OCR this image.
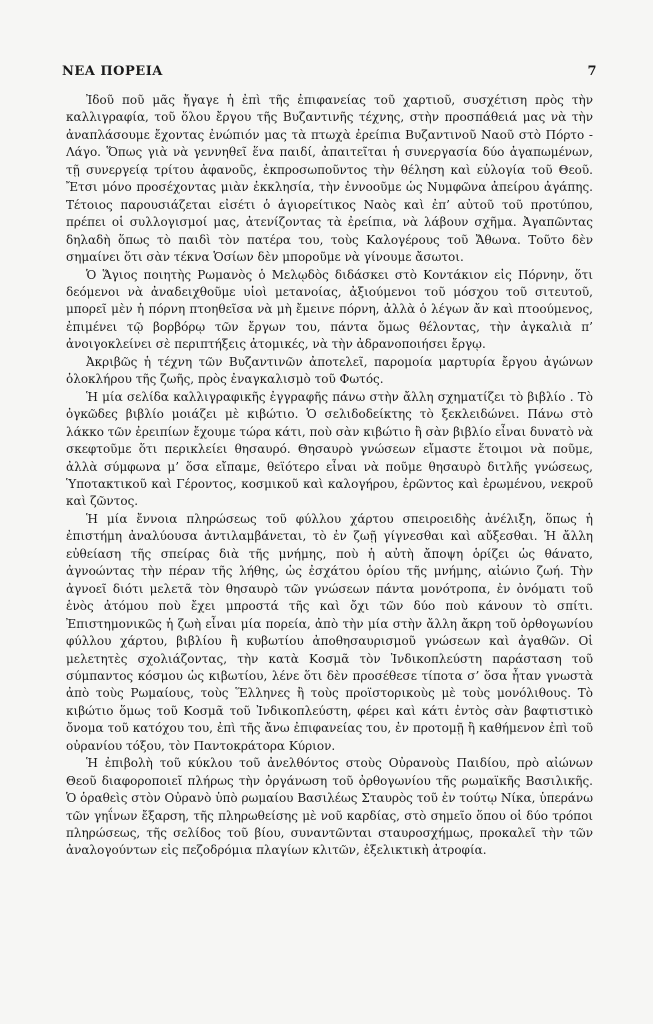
ΝΕΑ ΠΟΡΕΙΑ	7

Ἰδοῦ ποῦ μᾶς ἤγαγε ἡ ἐπὶ τῆς ἐπιφανείας τοῦ χαρτιοῦ, συσχέτιση πρὸς τὴν καλλιγραφία, τοῦ ὅλου ἔργου τῆς Βυζαντινῆς τέχνης, στὴν προσπάθειά μας νὰ τὴν ἀναπλάσουμε ἔχοντας ἐνώπιόν μας τὰ πτωχὰ ἐρείπια Βυζαντινοῦ Ναοῦ στὸ Πόρτο - Λάγο. Ὅπως γιὰ νὰ γεννηθεῖ ἕνα παιδί, ἀπαιτεῖται ἡ συνεργασία δύο ἀγαπωμένων, τῇ συνεργείᾳ τρίτου ἀφανοῦς, ἐκπροσωποῦντος τὴν θέληση καὶ εὐλογία τοῦ Θεοῦ. Ἔτσι μόνο προσέχοντας μιὰν ἐκκλησία, τὴν ἐννοοῦμε ὡς Νυμφῶνα ἀπείρου ἀγάπης. Τέτοιος παρουσιάζεται εἰσέτι ὁ ἁγιορείτικος Ναὸς καὶ ἐπ’ αὐτοῦ τοῦ προτύπου, πρέπει οἱ συλλογισμοί μας, ἀτενίζοντας τὰ ἐρείπια, νὰ λάβουν σχῆμα. Ἀγαπῶντας δηλαδὴ ὅπως τὸ παιδὶ τὸν πατέρα του, τοὺς Καλογέρους τοῦ Ἄθωνα. Τοῦτο δὲν σημαίνει ὅτι σὰν τέκνα Ὁσίων δὲν μποροῦμε νὰ γίνουμε ἄσωτοι.

Ὁ Ἅγιος ποιητὴς Ρωμανὸς ὁ Μελῳδὸς διδάσκει στὸ Κοντάκιον εἰς Πόρνην, ὅτι δεόμενοι νὰ ἀναδειχθοῦμε υἱοὶ μετανοίας, ἀξιούμενοι τοῦ μόσχου τοῦ σιτευτοῦ, μπορεῖ μὲν ἡ πόρνη πτοηθεῖσα νὰ μὴ ἔμεινε πόρνη, ἀλλὰ ὁ λέγων ἄν καὶ πτοούμενος, ἐπιμένει τῷ βορβόρῳ τῶν ἔργων του, πάντα ὅμως θέλοντας, τὴν ἀγκαλιὰ π’ ἀνοιγοκλείνει σὲ περιπτήξεις ἀτομικές, νὰ τὴν ἀδρανοποιήσει ἔργῳ.

Ἀκριβῶς ἡ τέχνη τῶν Βυζαντινῶν ἀποτελεῖ, παρομοία μαρτυρία ἔργου ἀγώνων ὁλοκλήρου τῆς ζωῆς, πρὸς ἐναγκαλισμὸ τοῦ Φωτός.

Ἡ μία σελίδα καλλιγραφικῆς ἐγγραφῆς πάνω στὴν ἄλλη σχηματίζει τὸ βιβλίο . Τὸ ὀγκῶδες βιβλίο μοιάζει μὲ κιβώτιο. Ὁ σελιδοδείκτης τὸ ξεκλειδώνει. Πάνω στὸ λάκκο τῶν ἐρειπίων ἔχουμε τώρα κάτι, ποὺ σὰν κιβώτιο ἢ σὰν βιβλίο εἶναι δυνατὸ νὰ σκεφτοῦμε ὅτι περικλείει θησαυρό. Θησαυρὸ γνώσεων εἴμαστε ἕτοιμοι νὰ ποῦμε, ἀλλὰ σύμφωνα μ’ ὅσα εἴπαμε, θεϊότερο εἶναι νὰ ποῦμε θησαυρὸ διτλῆς γνώσεως, Ὑποτακτικοῦ καὶ Γέροντος, κοσμικοῦ καὶ καλογήρου, ἐρῶντος καὶ ἐρωμένου, νεκροῦ καὶ ζῶντος.

Ἡ μία ἔννοια πληρώσεως τοῦ φύλλου χάρτου σπειροειδὴς ἀνέλιξη, ὅπως ἡ ἐπιστήμη ἀναλύουσα ἀντιλαμβάνεται, τὸ ἐν ζωῇ γίγνεσθαι καὶ αὔξεσθαι. Ἡ ἄλλη εὐθείαση τῆς σπείρας διὰ τῆς μνήμης, ποὺ ἡ αὐτὴ ἄποψη ὁρίζει ὡς θάνατο, ἀγνοώντας τὴν πέραν τῆς λήθης, ὡς ἐσχάτου ὁρίου τῆς μνήμης, αἰώνιο ζωή. Τὴν ἀγνοεῖ διότι μελετᾶ τὸν θησαυρὸ τῶν γνώσεων πάντα μονότροπα, ἐν ὀνόματι τοῦ ἑνὸς ἀτόμου ποὺ ἔχει μπροστά τῆς καὶ ὄχι τῶν δύο ποὺ κάνουν τὸ σπίτι. Ἐπιστημονικῶς ἡ ζωὴ εἶναι μία πορεία, ἀπὸ τὴν μία στὴν ἄλλη ἄκρη τοῦ ὀρθογωνίου φύλλου χάρτου, βιβλίου ἢ κυβωτίου ἀποθησαυρισμοῦ γνώσεων καὶ ἀγαθῶν. Οἱ μελετητὲς σχολιάζοντας, τὴν κατὰ Κοσμᾶ τὸν Ἰνδικοπλεύστη παράσταση τοῦ σύμπαντος κόσμου ὡς κιβωτίου, λένε ὅτι δὲν προσέθεσε τίποτα σ’ ὅσα ἦταν γνωστὰ ἀπὸ τοὺς Ρωμαίους, τοὺς Ἕλληνες ἢ τοὺς προϊστορικοὺς μὲ τοὺς μονόλιθους. Τὸ κιβώτιο ὅμως τοῦ Κοσμᾶ τοῦ Ἰνδικοπλεύστη, φέρει καὶ κάτι ἐντὸς σὰν βαφτιστικὸ ὄνομα τοῦ κατόχου του, ἐπὶ τῆς ἄνω ἐπιφανείας του, ἐν προτομῇ ἢ καθήμενον ἐπὶ τοῦ οὐρανίου τόξου, τὸν Παντοκράτορα Κύριον.

Ἡ ἐπιβολὴ τοῦ κύκλου τοῦ ἀνελθόντος στοὺς Οὐρανοὺς Παιδίου, πρὸ αἰώνων Θεοῦ διαφοροποιεῖ πλήρως τὴν ὀργάνωση τοῦ ὀρθογωνίου τῆς ρωμαϊκῆς Βασιλικῆς. Ὁ ὁραθεὶς στὸν Οὐρανὸ ὑπὸ ρωμαίου Βασιλέως Σταυρὸς τοῦ ἐν τούτῳ Νίκα, ὑπεράνω τῶν γηΐνων ἔξαρση, τῆς πληρωθείσης μὲ νοῦ καρδίας, στὸ σημεῖο ὅπου οἱ δύο τρόποι πληρώσεως, τῆς σελίδος τοῦ βίου, συναντῶνται σταυροσχήμως, προκαλεῖ τὴν τῶν ἀναλογούντων εἰς πεζοδρόμια πλαγίων κλιτῶν, ἐξελικτικὴ ἀτροφία.
